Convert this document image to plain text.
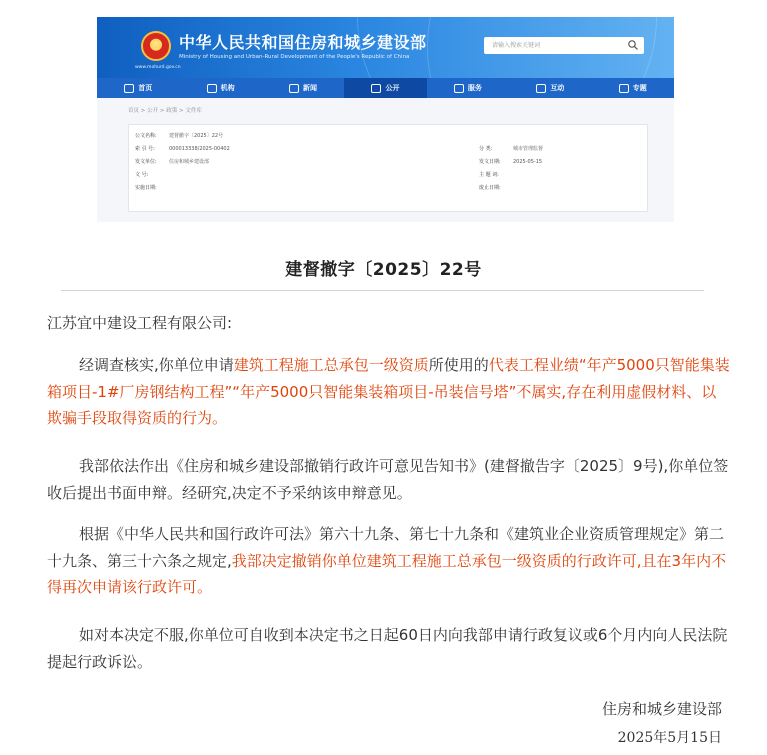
★
中华人民共和国住房和城乡建设部
Ministry of Housing and Urban-Rural Development of the People's Republic of China
www.mohurd.gov.cn
请输入搜索关键词
首页	机构	新闻	公开	服务	互动	专题
首页 > 公开 > 政策 > 文件库
公文名称: 建督撤字〔2025〕22号
索 引 号:	000013338/2025-00402
发文单位: 住房和城乡建设部
文 号:
实施日期:
分 类:	城市管理监督
发文日期: 2025-05-15
主 题 词:
废止日期:
建督撤字〔2025〕22号
江苏宜中建设工程有限公司:

经调查核实,你单位申请建筑工程施工总承包一级资质所使用的代表工程业绩“年产5000只智能集装箱项目-1#厂房钢结构工程”“年产5000只智能集装箱项目-吊装信号塔”不属实,存在利用虚假材料、以欺骗手段取得资质的行为。

我部依法作出《住房和城乡建设部撤销行政许可意见告知书》(建督撤告字〔2025〕9号),你单位签收后提出书面申辩。经研究,决定不予采纳该申辩意见。

根据《中华人民共和国行政许可法》第六十九条、第七十九条和《建筑业企业资质管理规定》第二十九条、第三十六条之规定,我部决定撤销你单位建筑工程施工总承包一级资质的行政许可,且在3年内不得再次申请该行政许可。

如对本决定不服,你单位可自收到本决定书之日起60日内向我部申请行政复议或6个月内向人民法院提起行政诉讼。

住房和城乡建设部
2025年5月15日
